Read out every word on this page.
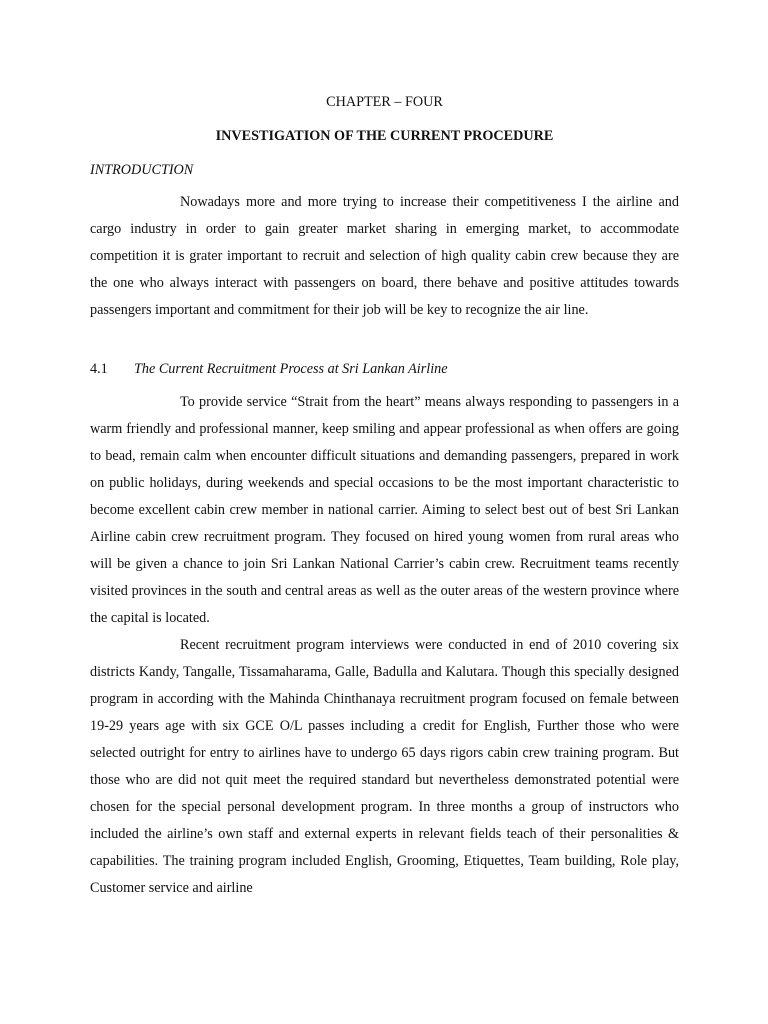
CHAPTER – FOUR
INVESTIGATION OF THE CURRENT PROCEDURE
INTRODUCTION

Nowadays more and more trying to increase their competitiveness I the airline and cargo industry in order to gain greater market sharing in emerging market, to accommodate competition it is grater important to recruit and selection of high quality cabin crew because they are the one who always interact with passengers on board, there behave and positive attitudes towards passengers important and commitment for their job will be key to recognize the air line.

4.1 The Current Recruitment Process at Sri Lankan Airline

To provide service “Strait from the heart” means always responding to passengers in a warm friendly and professional manner, keep smiling and appear professional as when offers are going to bead, remain calm when encounter difficult situations and demanding passengers, prepared in work on public holidays, during weekends and special occasions to be the most important characteristic to become excellent cabin crew member in national carrier. Aiming to select best out of best Sri Lankan Airline cabin crew recruitment program. They focused on hired young women from rural areas who will be given a chance to join Sri Lankan National Carrier’s cabin crew. Recruitment teams recently visited provinces in the south and central areas as well as the outer areas of the western province where the capital is located.

Recent recruitment program interviews were conducted in end of 2010 covering six districts Kandy, Tangalle, Tissamaharama, Galle, Badulla and Kalutara. Though this specially designed program in according with the Mahinda Chinthanaya recruitment program focused on female between 19-29 years age with six GCE O/L passes including a credit for English, Further those who were selected outright for entry to airlines have to undergo 65 days rigors cabin crew training program. But those who are did not quit meet the required standard but nevertheless demonstrated potential were chosen for the special personal development program. In three months a group of instructors who included the airline’s own staff and external experts in relevant fields teach of their personalities & capabilities. The training program included English, Grooming, Etiquettes, Team building, Role play, Customer service and airline
